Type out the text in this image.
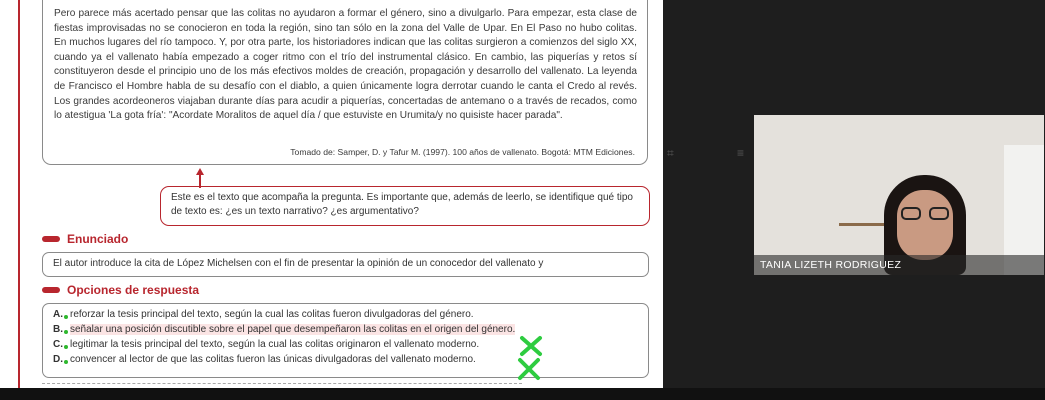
Pero parece más acertado pensar que las colitas no ayudaron a formar el género, sino a divulgarlo. Para empezar, esta clase de fiestas improvisadas no se conocieron en toda la región, sino tan sólo en la zona del Valle de Upar. En El Paso no hubo colitas. En muchos lugares del río tampoco. Y, por otra parte, los historiadores indican que las colitas surgieron a comienzos del siglo XX, cuando ya el vallenato había empezado a coger ritmo con el trío del instrumental clásico. En cambio, las piquerías y retos sí constituyeron desde el principio uno de los más efectivos moldes de creación, propagación y desarrollo del vallenato. La leyenda de Francisco el Hombre habla de su desafío con el diablo, a quien únicamente logra derrotar cuando le canta el Credo al revés. Los grandes acordeoneros viajaban durante días para acudir a piquerías, concertadas de antemano o a través de recados, como lo atestigua 'La gota fría': "Acordate Moralitos de aquel día / que estuviste en Urumita/y no quisiste hacer parada".

Tomado de: Samper, D. y Tafur M. (1997). 100 años de vallenato. Bogotá: MTM Ediciones.
Este es el texto que acompaña la pregunta. Es importante que, además de leerlo, se identifique qué tipo de texto es: ¿es un texto narrativo? ¿es argumentativo?
Enunciado
El autor introduce la cita de López Michelsen con el fin de presentar la opinión de un conocedor del vallenato y
Opciones de respuesta
A. reforzar la tesis principal del texto, según la cual las colitas fueron divulgadoras del género.
B. señalar una posición discutible sobre el papel que desempeñaron las colitas en el origen del género.
C. legitimar la tesis principal del texto, según la cual las colitas originaron el vallenato moderno.
D. convencer al lector de que las colitas fueron las únicas divulgadoras del vallenato moderno.
⌗	≡
TANIA LIZETH RODRIGUEZ
